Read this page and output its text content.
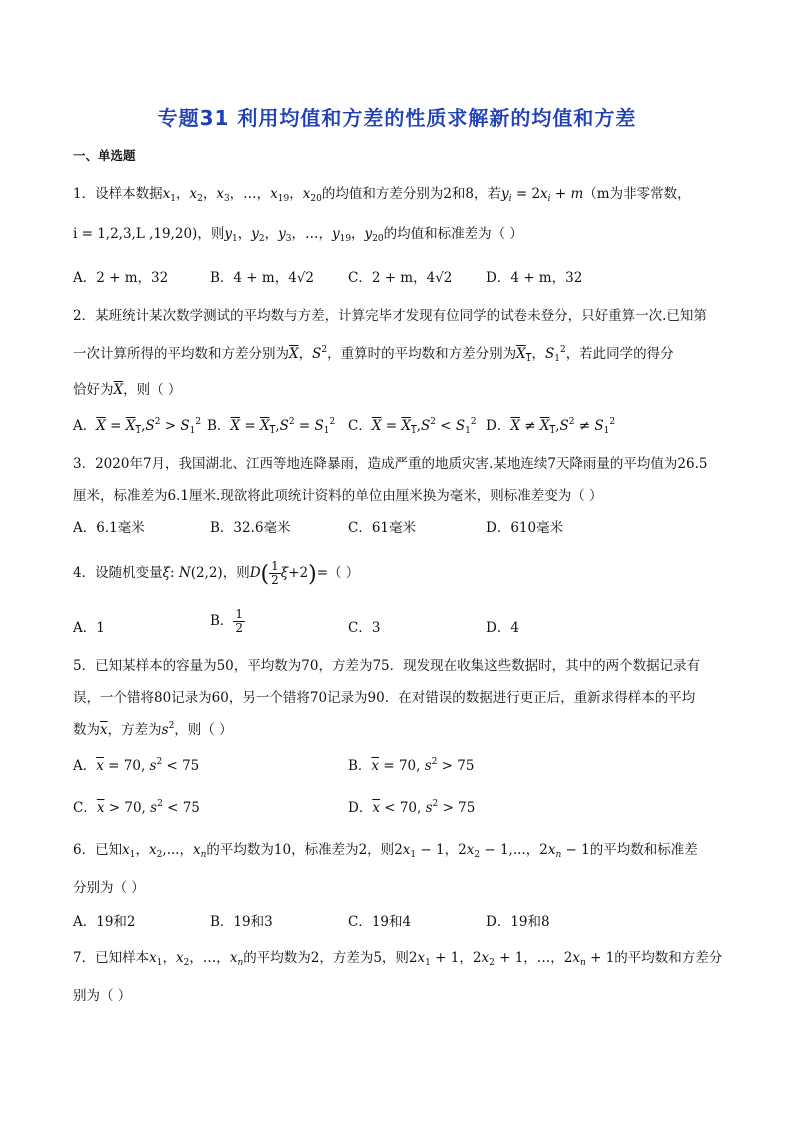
专题31 利用均值和方差的性质求解新的均值和方差
一、单选题
1．设样本数据$x_1$，$x_2$，$x_3$，…，$x_{19}$，$x_{20}$的均值和方差分别为2和8，若$y_i = 2x_i + m(m$为非零常数，
i = 1,2,3,L ,19,20)，则$y_1$，$y_2$，$y_3$，…，$y_{19}$，$y_{20}$的均值和标准差为（ ）
A．2 + m，32	B．4 + m，4√2	C．2 + m，4√2 D．4 + m，32
2．某班统计某次数学测试的平均数与方差，计算完毕才发现有位同学的试卷未登分，只好重算一次.已知第
一次计算所得的平均数和方差分别为$\overline{X}$，$S^2$，重算时的平均数和方差分别为$X_1$，$S_1^2$，若此同学的得分
恰好为$\overline{X}$，则（ ）
A．$\overline{X} = X_1,S^2 > S_1^2$ B．$\overline{X} = X_1,S^2 = S_1^2$ C．$\overline{X} = X_1,S^2 < S_1^2$ D．$\overline{X} \ne X_1,S^2 \ne S_1^2$
3．2020年7月，我国湖北、江西等地连降暴雨，造成严重的地质灾害.某地连续7天降雨量的平均值为26.5
厘米，标准差为6.1厘米.现欲将此项统计资料的单位由厘米换为毫米，则标准差变为（ ）
A．6.1毫米	B．32.6毫米	C．61毫米	D．610毫米
4．设随机变量ξ: N(2,2)，则$D( \frac{1}{2} \xi+2)=$（ ）
A．1	B． $\frac{1}{2}$	C．3	D．4
5．已知某样本的容量为50，平均数为70，方差为75．现发现在收集这些数据时，其中的两个数据记录有
误，一个错将80记录为60，另一个错将70记录为90．在对错误的数据进行更正后，重新求得样本的平均
数为$\overline{x}$，方差为$s^2$，则（ ）
A．$\overline{x} = 70$, $s^2 < 75$	B．$\overline{x} = 70$, $s^2 > 75$
C．$\overline{x} > 70$, $s^2 < 75$	D．$\overline{x} < 70$, $s^2 > 75$
6．已知$x_1$，$x_2$,...，$x_n$的平均数为10，标准差为2，则$2x_1 - 1$，$2x_2 - 1$,...，$2x_n - 1$的平均数和标准差
分别为（ ）
A．19和2	B．19和3	C．19和4	D．19和8
7．已知样本$x_1$，$x_2$，…，$x_n$的平均数为2，方差为5，则$2x_1 + 1$，$2x_2 + 1$，…，$2x_n + 1$的平均数和方差分
别为（ ）
